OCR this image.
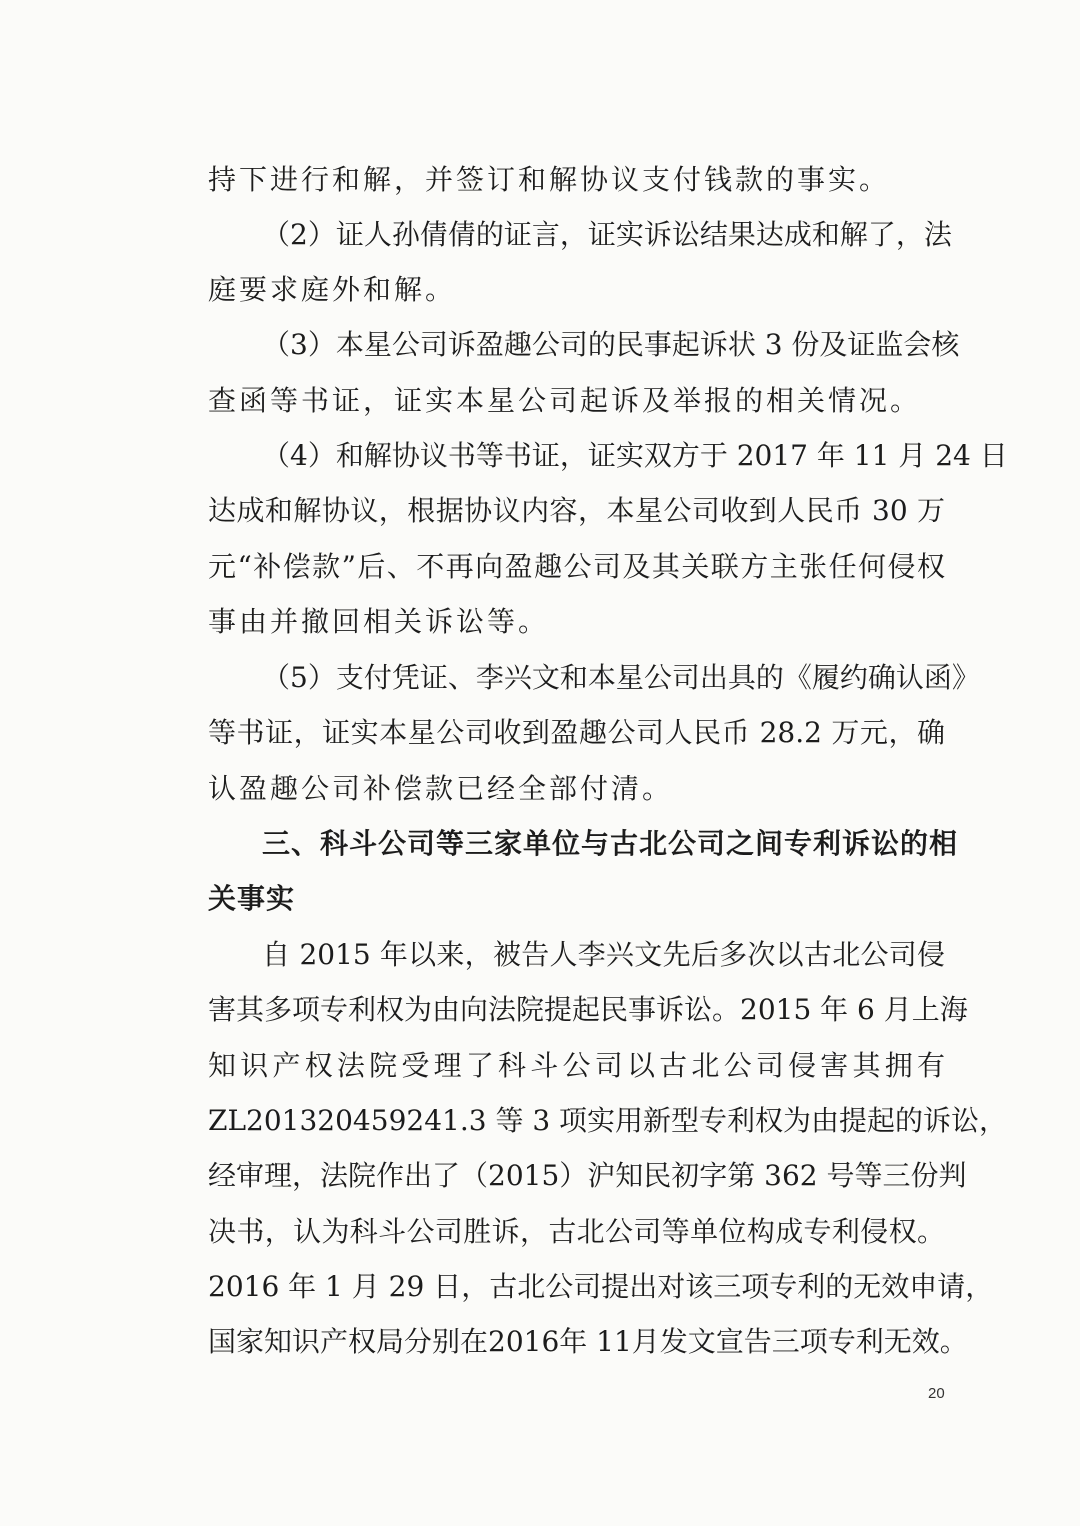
持下进行和解，并签订和解协议支付钱款的事实。
（2）证人孙倩倩的证言，证实诉讼结果达成和解了，法
庭要求庭外和解。
（3）本星公司诉盈趣公司的民事起诉状 3 份及证监会核
查函等书证，证实本星公司起诉及举报的相关情况。
（4）和解协议书等书证，证实双方于 2017 年 11 月 24 日
达成和解协议，根据协议内容，本星公司收到人民币 30 万
元“补偿款”后、不再向盈趣公司及其关联方主张任何侵权
事由并撤回相关诉讼等。
（5）支付凭证、李兴文和本星公司出具的《履约确认函》
等书证，证实本星公司收到盈趣公司人民币 28.2 万元，确
认盈趣公司补偿款已经全部付清。
三、科斗公司等三家单位与古北公司之间专利诉讼的相
关事实
自 2015 年以来，被告人李兴文先后多次以古北公司侵
害其多项专利权为由向法院提起民事诉讼。2015 年 6 月上海
知识产权法院受理了科斗公司以古北公司侵害其拥有
ZL201320459241.3 等 3 项实用新型专利权为由提起的诉讼，
经审理，法院作出了（2015）沪知民初字第 362 号等三份判
决书，认为科斗公司胜诉，古北公司等单位构成专利侵权。
2016 年 1 月 29 日，古北公司提出对该三项专利的无效申请，
国家知识产权局分别在2016年 11月发文宣告三项专利无效。
20
